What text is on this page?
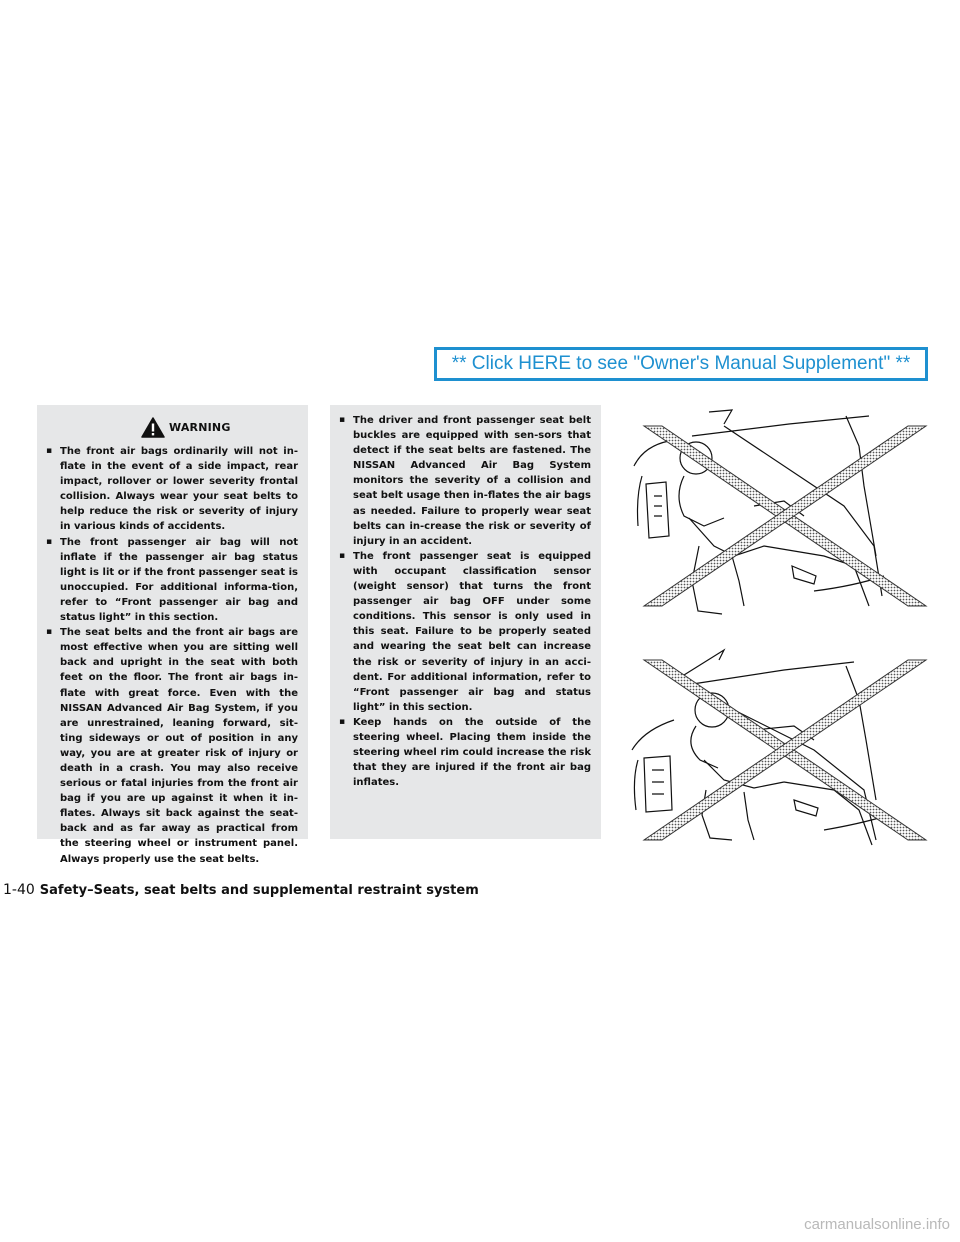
** Click HERE to see "Owner's Manual Supplement" **
WARNING
▪ The front air bags ordinarily will not in-flate in the event of a side impact, rear impact, rollover or lower severity frontal collision. Always wear your seat belts to help reduce the risk or severity of injury in various kinds of accidents.
▪ The front passenger air bag will not inflate if the passenger air bag status light is lit or if the front passenger seat is unoccupied. For additional informa-tion, refer to “Front passenger air bag and status light” in this section.
▪ The seat belts and the front air bags are most effective when you are sitting well back and upright in the seat with both feet on the floor. The front air bags in-flate with great force. Even with the NISSAN Advanced Air Bag System, if you are unrestrained, leaning forward, sit-ting sideways or out of position in any way, you are at greater risk of injury or death in a crash. You may also receive serious or fatal injuries from the front air bag if you are up against it when it in-flates. Always sit back against the seat-back and as far away as practical from the steering wheel or instrument panel. Always properly use the seat belts.
▪ The driver and front passenger seat belt buckles are equipped with sen-sors that detect if the seat belts are fastened. The NISSAN Advanced Air Bag System monitors the severity of a collision and seat belt usage then in-flates the air bags as needed. Failure to properly wear seat belts can in-crease the risk or severity of injury in an accident.
▪ The front passenger seat is equipped with occupant classification sensor (weight sensor) that turns the front passenger air bag OFF under some conditions. This sensor is only used in this seat. Failure to be properly seated and wearing the seat belt can increase the risk or severity of injury in an acci-dent. For additional information, refer to “Front passenger air bag and status light” in this section.
▪ Keep hands on the outside of the steering wheel. Placing them inside the steering wheel rim could increase the risk that they are injured if the front air bag inflates.
1-40 Safety–Seats, seat belts and supplemental restraint system
carmanualsonline.info
